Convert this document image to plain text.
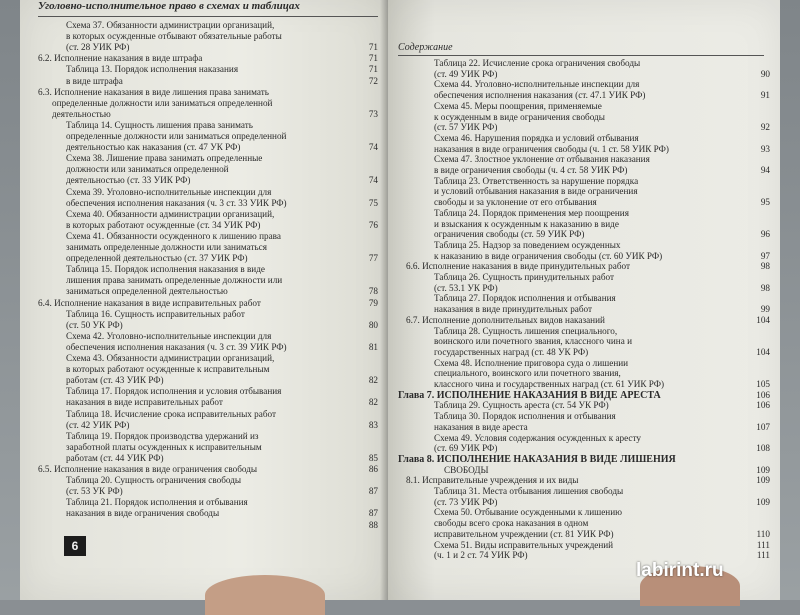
Уголовно-исполнительное право в схемах и таблицах
Схема 37. Обязанности администрации организаций,
в которых осужденные отбывают обязательные работы
(ст. 28 УИК РФ)	71
6.2. Исполнение наказания в виде штрафа	71
Таблица 13. Порядок исполнения наказания	71
в виде штрафа	72
6.3. Исполнение наказания в виде лишения права занимать
определенные должности или заниматься определенной
деятельностью	73
Таблица 14. Сущность лишения права занимать
определенные должности или заниматься определенной
деятельностью как наказания (ст. 47 УК РФ)	74
Схема 38. Лишение права занимать определенные
должности или заниматься определенной
деятельностью (ст. 33 УИК РФ)	74
Схема 39. Уголовно-исполнительные инспекции для
обеспечения исполнения наказания (ч. 3 ст. 33 УИК РФ)	75
Схема 40. Обязанности администрации организаций,
в которых работают осужденные (ст. 34 УИК РФ)	76
Схема 41. Обязанности осужденного к лишению права
занимать определенные должности или заниматься
определенной деятельностью (ст. 37 УИК РФ)	77
Таблица 15. Порядок исполнения наказания в виде
лишения права занимать определенные должности или
заниматься определенной деятельностью	78
6.4. Исполнение наказания в виде исправительных работ	79
Таблица 16. Сущность исправительных работ
(ст. 50 УК РФ)	80
Схема 42. Уголовно-исполнительные инспекции для
обеспечения исполнения наказания (ч. 3 ст. 39 УИК РФ)	81
Схема 43. Обязанности администрации организаций,
в которых работают осужденные к исправительным
работам (ст. 43 УИК РФ)	82
Таблица 17. Порядок исполнения и условия отбывания
наказания в виде исправительных работ	82
Таблица 18. Исчисление срока исправительных работ
(ст. 42 УИК РФ)	83
Таблица 19. Порядок производства удержаний из
заработной платы осужденных к исправительным
работам (ст. 44 УИК РФ)	85
6.5. Исполнение наказания в виде ограничения свободы	86
Таблица 20. Сущность ограничения свободы
(ст. 53 УК РФ)	87
Таблица 21. Порядок исполнения и отбывания
наказания в виде ограничения свободы	87
88
6
Содержание
Таблица 22. Исчисление срока ограничения свободы
(ст. 49 УИК РФ)	90
Схема 44. Уголовно-исполнительные инспекции для
обеспечения исполнения наказания (ст. 47.1 УИК РФ)	91
Схема 45. Меры поощрения, применяемые
к осужденным в виде ограничения свободы
(ст. 57 УИК РФ)	92
Схема 46. Нарушения порядка и условий отбывания
наказания в виде ограничения свободы (ч. 1 ст. 58 УИК РФ)	93
Схема 47. Злостное уклонение от отбывания наказания
в виде ограничения свободы (ч. 4 ст. 58 УИК РФ)	94
Таблица 23. Ответственность за нарушение порядка
и условий отбывания наказания в виде ограничения
свободы и за уклонение от его отбывания	95
Таблица 24. Порядок применения мер поощрения
и взыскания к осужденным к наказанию в виде
ограничения свободы (ст. 59 УИК РФ)	96
Таблица 25. Надзор за поведением осужденных
к наказанию в виде ограничения свободы (ст. 60 УИК РФ)	97
6.6. Исполнение наказания в виде принудительных работ	98
Таблица 26. Сущность принудительных работ
(ст. 53.1 УК РФ)	98
Таблица 27. Порядок исполнения и отбывания
наказания в виде принудительных работ	99
6.7. Исполнение дополнительных видов наказаний	104
Таблица 28. Сущность лишения специального,
воинского или почетного звания, классного чина и
государственных наград (ст. 48 УК РФ)	104
Схема 48. Исполнение приговора суда о лишении
специального, воинского или почетного звания,
классного чина и государственных наград (ст. 61 УИК РФ)	105
Глава 7. ИСПОЛНЕНИЕ НАКАЗАНИЯ В ВИДЕ АРЕСТА	106
Таблица 29. Сущность ареста (ст. 54 УК РФ)	106
Таблица 30. Порядок исполнения и отбывания
наказания в виде ареста	107
Схема 49. Условия содержания осужденных к аресту
(ст. 69 УИК РФ)	108
Глава 8. ИСПОЛНЕНИЕ НАКАЗАНИЯ В ВИДЕ ЛИШЕНИЯ
СВОБОДЫ	109
8.1. Исправительные учреждения и их виды	109
Таблица 31. Места отбывания лишения свободы
(ст. 73 УИК РФ)	109
Схема 50. Отбывание осужденными к лишению
свободы всего срока наказания в одном
исправительном учреждении (ст. 81 УИК РФ)	110
Схема 51. Виды исправительных учреждений	111
(ч. 1 и 2 ст. 74 УИК РФ)	111
labirint.ru
